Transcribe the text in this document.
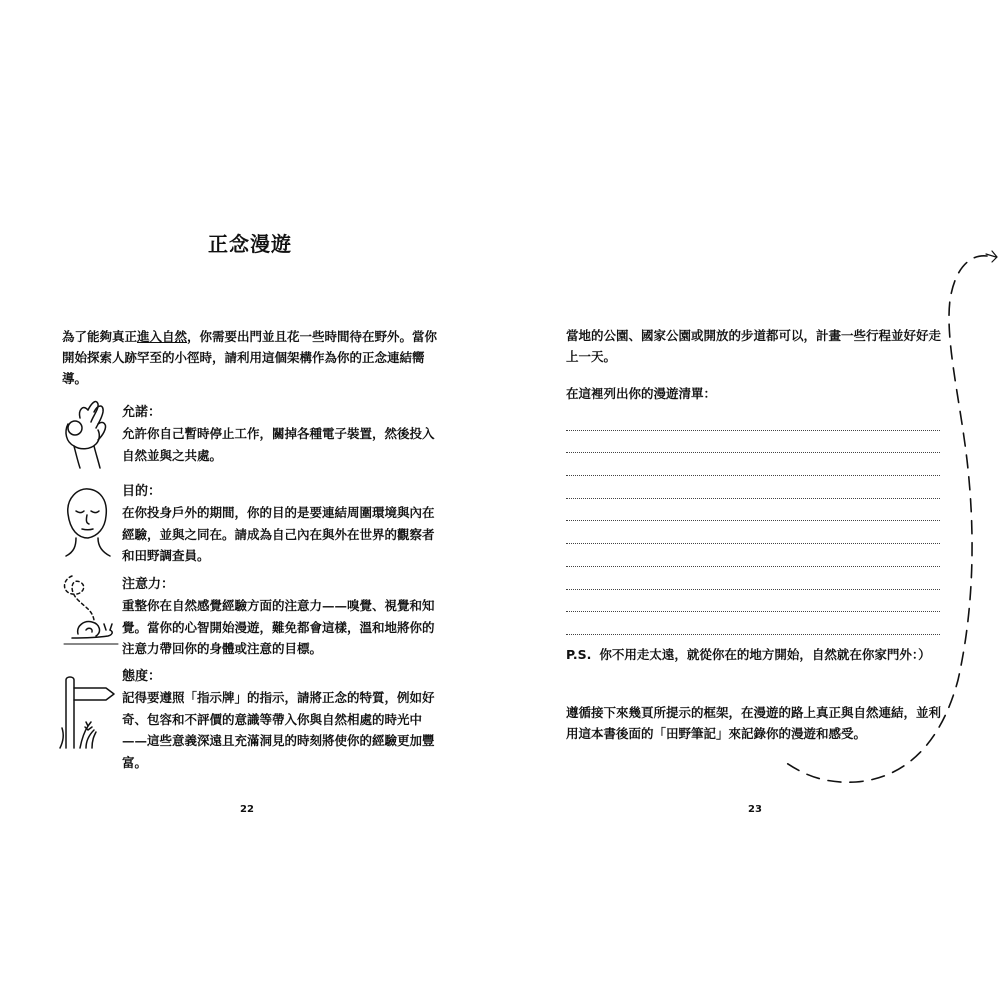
正念漫遊
為了能夠真正進入自然，你需要出門並且花一些時間待在野外。當你開始探索人跡罕至的小徑時，請利用這個架構作為你的正念連結嚮導。
允諾：
允許你自己暫時停止工作，關掉各種電子裝置，然後投入自然並與之共處。
目的：
在你投身戶外的期間，你的目的是要連結周圍環境與內在經驗，並與之同在。請成為自己內在與外在世界的觀察者和田野調查員。
注意力：
重整你在自然感覺經驗方面的注意力——嗅覺、視覺和知覺。當你的心智開始漫遊，難免都會這樣，溫和地將你的注意力帶回你的身體或注意的目標。
態度：
記得要遵照「指示牌」的指示，請將正念的特質，例如好奇、包容和不評價的意識等帶入你與自然相處的時光中——這些意義深遠且充滿洞見的時刻將使你的經驗更加豐富。
22
當地的公園、國家公園或開放的步道都可以，計畫一些行程並好好走上一天。
在這裡列出你的漫遊清單：
P.S. 你不用走太遠，就從你在的地方開始，自然就在你家門外：）
遵循接下來幾頁所提示的框架，在漫遊的路上真正與自然連結，並利用這本書後面的「田野筆記」來記錄你的漫遊和感受。
23
